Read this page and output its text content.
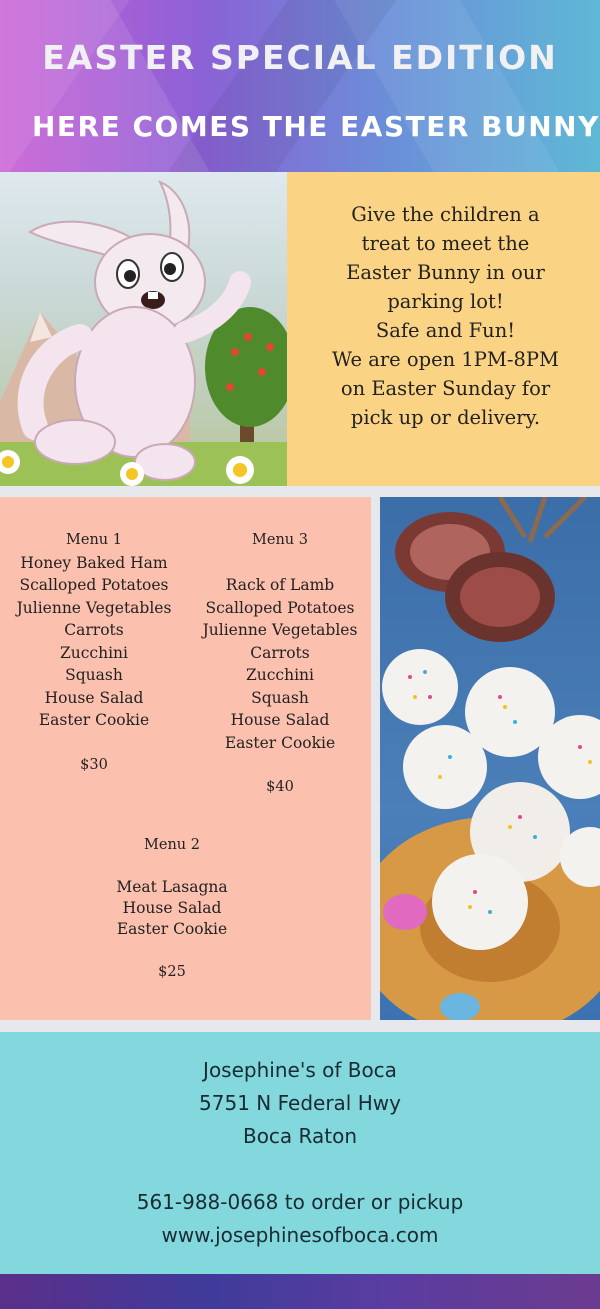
EASTER SPECIAL EDITION
HERE COMES THE EASTER BUNNY
Give the children a
treat to meet the
Easter Bunny in our
parking lot!
Safe and Fun!
We are open 1PM-8PM
on Easter Sunday for
pick up or delivery.

Menu 1

Honey Baked Ham

Scalloped Potatoes

Julienne Vegetables

Carrots

Zucchini

Squash

House Salad

Easter Cookie

$30

Menu 3

Rack of Lamb

Scalloped Potatoes

Julienne Vegetables

Carrots

Zucchini

Squash

House Salad

Easter Cookie

$40

Menu 2

Meat Lasagna

House Salad

Easter Cookie

$25

Josephine's of Boca

5751 N Federal Hwy

Boca Raton

561-988-0668 to order or pickup

www.josephinesofboca.com
